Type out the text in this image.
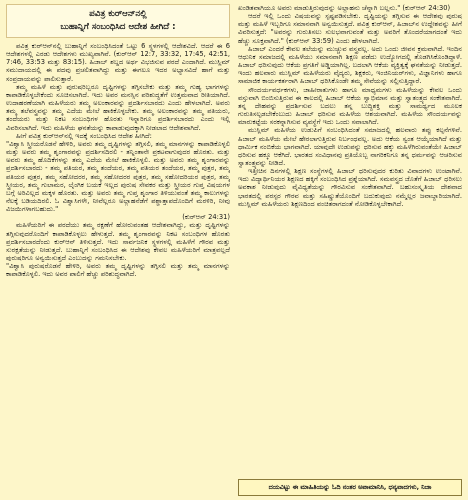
ಪವಿತ್ರ ಕುರ್‌ಆನ್‌ನಲ್ಲಿ
ಬುಹಾನ್ನಿಗೆ ಸಂಬಂಧಿಸಿದ ಆದೇಶ ಹೀಗಿದೆ :

ಪವಿತ್ರ ಕುರ್‌ಆನ್‌ನಲ್ಲಿ ಬುಹಾನ್ನಿಗೆ ಸಂಬಂಧಿಸಿದಂತೆ ಒಟ್ಟು 6 ಸ್ಥಳಗಳಲ್ಲಿ ಆದೇಶವಿದೆ. ಆದರೆ ಈ 6 ಆದೇಶಗಳಲ್ಲಿ ಎರಡು ಆದೇಶಗಳು ಮುಖ್ಯವಾಗಿವೆ. (ಕುರ್‌ಆನ್ 12:7, 33:32, 17:45, 42:51, 7:46, 33:53 ಮತ್ತು 83:15). ಹಿಜಾಬ್ ಶಬ್ದದ ಅರ್ಥ ವಿಭಜಿಸುವ ಪರದೆ ಎಂದಾಗಿದೆ. ಮುಸ್ಲಿಮ್ ಸಮುದಾಯದಲ್ಲಿ ಈ ಪದವು ಪ್ರಚಲಿತವಾಗಿದ್ದು ಮತ್ತು ಈಗಲೂ ಇದರ ಅಭ್ಯಾಸವಿದೆ ಹಾಗೆ ಮತ್ತು ಸಂಪ್ರದಾಯವನ್ನು ಪಾಲಿಸುತ್ತಾರೆ.

ತಮ್ಮ ಮಹಿಳೆ ಮತ್ತು ಪುರುಷರಿಬ್ಬರೂ ದೃಷ್ಟಿಗಳನ್ನು ತಗ್ಗಿಸಬೇಕು ಮತ್ತು ತಮ್ಮ ಗುಹ್ಯ ಭಾಗಗಳನ್ನು ಕಾಪಾಡಿಕೊಳ್ಳಬೇಕೆಂದು ಸೂಚಿಸಲಾಗಿದೆ. ಇದು ಅವರ ಮನಸ್ಸಿನ ಪರಿಶುದ್ಧತೆಗೆ ಉತ್ತಮವಾದ ರೀತಿಯಾಗಿದೆ. ಉದಾಹರಣೆಯಾಗಿ ಮಹಿಳೆಯರು ತಮ್ಮ ಅಲಂಕಾರವನ್ನು ಪ್ರದರ್ಶಿಸಬಾರದು ಎಂದು ಹೇಳಲಾಗಿದೆ. ಅವರು ತಮ್ಮ ತಲೆವಸ್ತ್ರವನ್ನು ತಮ್ಮ ಎದೆಯ ಮೇಲೆ ಹಾಕಿಕೊಳ್ಳಬೇಕು. ತಮ್ಮ ಅಲಂಕಾರವನ್ನು ತಮ್ಮ ಪತಿಯರು, ತಂದೆಯರು ಮತ್ತು ನಿಕಟ ಸಂಬಂಧಿಗಳ ಹೊರತು ಇನ್ನಾರಿಗೂ ಪ್ರದರ್ಶಿಸಬಾರದು ಎಂದು ಇಲ್ಲಿ ವಿವರಿಸಲಾಗಿದೆ. ಇದು ಮಹಿಳೆಯ ಘನತೆಯನ್ನು ಕಾಪಾಡುವುದಕ್ಕಾಗಿ ನೀಡಲಾದ ಆದೇಶವಾಗಿದೆ.

ಹೀಗೆ ಪವಿತ್ರ ಕುರ್‌ಆನ್‌ನಲ್ಲಿ ಇದಕ್ಕೆ ಸಂಬಂಧಿಸಿದ ಆದೇಶ ಹೀಗಿದೆ:

"ವಿಶ್ವಾಸಿ ಸ್ತ್ರೀಯರೊಡನೆ ಹೇಳಿರಿ, ಅವರು ತಮ್ಮ ದೃಷ್ಟಿಗಳನ್ನು ತಗ್ಗಿಸಲಿ, ತಮ್ಮ ಮಾನಗಳನ್ನು ಕಾಪಾಡಿಕೊಳ್ಳಲಿ ಮತ್ತು ಅವರು ತಮ್ಮ ಶೃಂಗಾರವನ್ನು ಪ್ರದರ್ಶಿಸದಿರಲಿ - ತನ್ನಿಂತಾನೇ ಪ್ರಕಟವಾಗುವುದರ ಹೊರತು. ಮತ್ತು ಅವರು ತಮ್ಮ ಹೊದಿಕೆಗಳನ್ನು ತಮ್ಮ ಎದೆಯ ಮೇಲೆ ಹಾಕಿಕೊಳ್ಳಲಿ. ಮತ್ತು ಅವರು ತಮ್ಮ ಶೃಂಗಾರವನ್ನು ಪ್ರದರ್ಶಿಸಬಾರದು - ತಮ್ಮ ಪತಿಯರ, ತಮ್ಮ ತಂದೆಯರ, ತಮ್ಮ ಪತಿಯರ ತಂದೆಯರ, ತಮ್ಮ ಪುತ್ರರ, ತಮ್ಮ ಪತಿಯರ ಪುತ್ರರ, ತಮ್ಮ ಸಹೋದರರ, ತಮ್ಮ ಸಹೋದರರ ಪುತ್ರರ, ತಮ್ಮ ಸಹೋದರಿಯರ ಪುತ್ರರ, ತಮ್ಮ ಸ್ತ್ರೀಯರ, ತಮ್ಮ ಗುಲಾಮರ, ಲೈಂಗಿಕ ಬಯಕೆ ಇಲ್ಲದ ಪುರುಷ ಸೇವಕರ ಮತ್ತು ಸ್ತ್ರೀಯರ ಗುಪ್ತ ವಿಷಯಗಳ ಬಗ್ಗೆ ಅರಿವಿಲ್ಲದ ಮಕ್ಕಳ ಹೊರತು. ಮತ್ತು ಅವರು ತಮ್ಮ ಗುಪ್ತ ಶೃಂಗಾರ ತಿಳಿಯುವಂತೆ ತಮ್ಮ ಕಾಲುಗಳನ್ನು ನೆಲಕ್ಕೆ ಬಡಿಯದಿರಲಿ. ಓ ವಿಶ್ವಾಸಿಗಳೇ, ನೀವೆಲ್ಲರೂ ಅಲ್ಲಾಹನೆಡೆಗೆ ಪಶ್ಚಾತ್ತಾಪದೊಂದಿಗೆ ಮರಳಿರಿ, ನೀವು ವಿಜಯಿಗಳಾಗಬಹುದು."

(ಕುರ್‌ಆನ್ 24:31)

ಮಹಿಳೆಯರಿಗೆ ಈ ಪರದೆಯು ತಮ್ಮ ರಕ್ಷಣೆಗೆ ಹೋರುವಂತಹ ಆದೇಶವಾಗಿದ್ದು, ಮತ್ತು ದೃಷ್ಟಿಗಳನ್ನು ತಗ್ಗಿಸುವುದರೊಂದಿಗೆ ಕಾಪಾಡಿಕೊಳ್ಳಲು ಹೇಳುತ್ತದೆ. ತಮ್ಮ ಶೃಂಗಾರವನ್ನು ನಿಕಟ ಸಂಬಂಧಿಗಳ ಹೊರತು ಪ್ರದರ್ಶಿಸಬಾರದೆಂದು ಕುರ್‌ಆನ್ ತಿಳಿಸುತ್ತದೆ. ಇದು ಸಾರ್ವಜನಿಕ ಸ್ಥಳಗಳಲ್ಲಿ ಮಹಿಳೆಗೆ ಗೌರವ ಮತ್ತು ಸುರಕ್ಷತೆಯನ್ನು ನೀಡುತ್ತದೆ. ಬುಹಾನ್ನಿಗೆ ಸಂಬಂಧಿಸಿದ ಈ ಆದೇಶವು ಕೇವಲ ಮಹಿಳೆಯರಿಗೆ ಮಾತ್ರವಲ್ಲದೆ ಪುರುಷರಿಗೂ ಅನ್ವಯಿಸುತ್ತದೆ ಎಂಬುದನ್ನು ಗಮನಿಸಬೇಕು.

"ವಿಶ್ವಾಸಿ ಪುರುಷರೊಡನೆ ಹೇಳಿರಿ, ಅವರು ತಮ್ಮ ದೃಷ್ಟಿಗಳನ್ನು ತಗ್ಗಿಸಲಿ ಮತ್ತು ತಮ್ಮ ಮಾನಗಳನ್ನು ಕಾಪಾಡಿಕೊಳ್ಳಲಿ. ಇದು ಅವರ ಪಾಲಿಗೆ ಹೆಚ್ಚು ಪರಿಶುದ್ಧವಾಗಿದೆ.

ಖಂಡಿತವಾಗಿಯೂ ಅವರು ಮಾಡುತ್ತಿರುವುದನ್ನು ಅಲ್ಲಾಹನು ಚೆನ್ನಾಗಿ ಬಲ್ಲನು." (ಕುರ್‌ಆನ್ 24:30)

ಆದರೆ ಇಲ್ಲಿ ಒಂದು ವಿಷಯವನ್ನು ಸ್ಪಷ್ಟಪಡಿಸಬೇಕು. ದೃಷ್ಟಿಯನ್ನು ತಗ್ಗಿಸುವ ಈ ಆದೇಶವು ಪುರುಷ ಮತ್ತು ಮಹಿಳೆ ಇಬ್ಬರಿಗೂ ಸಮಾನವಾಗಿ ಅನ್ವಯಿಸುತ್ತದೆ. ಪವಿತ್ರ ಕುರ್‌ಆನ್, ಹಿಜಾಬ್‌ನ ಉದ್ದೇಶವನ್ನು ಹೀಗೆ ವಿವರಿಸುತ್ತದೆ: "ಅವರನ್ನು ಗುರುತಿಸಲು ಸುಲಭವಾಗುವಂತೆ ಮತ್ತು ಅವರಿಗೆ ತೊಂದರೆಯಾಗದಂತೆ ಇದು ಹೆಚ್ಚು ಸೂಕ್ತವಾಗಿದೆ." (ಕುರ್‌ಆನ್ 33:59) ಎಂದು ಹೇಳಲಾಗಿದೆ.

ಹಿಜಾಬ್ ಎಂದರೆ ಕೇವಲ ತಲೆಯನ್ನು ಮುಚ್ಚುವ ವಸ್ತ್ರವಲ್ಲ. ಅದು ಒಂದು ಜೀವನ ಕ್ರಮವಾಗಿದೆ. ಇಂದಿನ ಆಧುನಿಕ ಸಮಾಜದಲ್ಲಿ ಮಹಿಳೆಯು ಸಮಾನವಾಗಿ ಶಿಕ್ಷಣ ಪಡೆದು ಉದ್ಯೋಗದಲ್ಲಿ ತೊಡಗಿಸಿಕೊಂಡಿದ್ದಾಳೆ. ಹಿಜಾಬ್ ಧರಿಸುವುದು ಆಕೆಯ ಪ್ರಗತಿಗೆ ಅಡ್ಡಿಯಾಗಿಲ್ಲ. ಬದಲಾಗಿ ಆಕೆಯ ವ್ಯಕ್ತಿತ್ವಕ್ಕೆ ಘನತೆಯನ್ನು ನೀಡುತ್ತದೆ. ಇಂದು ಹಲವಾರು ಮುಸ್ಲಿಮ್ ಮಹಿಳೆಯರು ವೈದ್ಯರು, ಶಿಕ್ಷಕರು, ಇಂಜಿನಿಯರ್‌ಗಳು, ವಿಜ್ಞಾನಿಗಳು ಹಾಗೂ ಸಾಮಾಜಿಕ ಕಾರ್ಯಕರ್ತರಾಗಿ ಹಿಜಾಬ್ ಧರಿಸಿಕೊಂಡೇ ತಮ್ಮ ಸೇವೆಯನ್ನು ಸಲ್ಲಿಸುತ್ತಿದ್ದಾರೆ.

ಸೌಂದರ್ಯವರ್ಧಕಗಳು, ಜಾಹೀರಾತುಗಳು ಹಾಗೂ ಮಾಧ್ಯಮಗಳು ಮಹಿಳೆಯನ್ನು ಕೇವಲ ಒಂದು ವಸ್ತುವಾಗಿ ಬಿಂಬಿಸುತ್ತಿರುವ ಈ ಕಾಲದಲ್ಲಿ ಹಿಜಾಬ್ ಆಕೆಯ ಸ್ವಾಭಿಮಾನ ಮತ್ತು ಸ್ವಾತಂತ್ರ್ಯದ ಸಂಕೇತವಾಗಿದೆ. ತನ್ನ ದೇಹವನ್ನು ಪ್ರದರ್ಶಿಸುವ ಬದಲು ತನ್ನ ಬುದ್ಧಿಶಕ್ತಿ ಮತ್ತು ಸಾಮರ್ಥ್ಯದ ಮೂಲಕ ಗುರುತಿಸಲ್ಪಡಬೇಕೆಂಬುದು ಹಿಜಾಬ್ ಧರಿಸುವ ಮಹಿಳೆಯ ಆಶಯವಾಗಿದೆ. ಮಹಿಳೆಯ ಸೌಂದರ್ಯವನ್ನು ಮಾರುಕಟ್ಟೆಯ ಸರಕನ್ನಾಗಿಸುವ ವ್ಯವಸ್ಥೆಗೆ ಇದು ಒಂದು ಸವಾಲಾಗಿದೆ.

ಮುಸ್ಲಿಮ್ ಮಹಿಳೆಯ ಉಡುಪಿಗೆ ಸಂಬಂಧಿಸಿದಂತೆ ಸಮಾಜದಲ್ಲಿ ಹಲವಾರು ತಪ್ಪು ಕಲ್ಪನೆಗಳಿವೆ. ಹಿಜಾಬ್ ಮಹಿಳೆಯ ಮೇಲೆ ಹೇರಲಾಗುತ್ತಿರುವ ನಿರ್ಬಂಧವಲ್ಲ. ಅದು ಆಕೆಯ ಸ್ವಂತ ಆಯ್ಕೆಯಾಗಿದೆ ಮತ್ತು ಧಾರ್ಮಿಕ ನಂಬಿಕೆಯ ಭಾಗವಾಗಿದೆ. ಯಾವುದೇ ಉಡುಪನ್ನು ಧರಿಸುವ ಹಕ್ಕು ಮಹಿಳೆಗಿರುವಂತೆಯೇ ಹಿಜಾಬ್ ಧರಿಸುವ ಹಕ್ಕೂ ಆಕೆಗಿದೆ. ಭಾರತದ ಸಂವಿಧಾನವು ಪ್ರತಿಯೊಬ್ಬ ನಾಗರಿಕನಿಗೂ ತನ್ನ ಧರ್ಮವನ್ನು ಆಚರಿಸುವ ಸ್ವಾತಂತ್ರ್ಯವನ್ನು ನೀಡಿದೆ.

ಇತ್ತೀಚಿನ ದಿನಗಳಲ್ಲಿ ಶಿಕ್ಷಣ ಸಂಸ್ಥೆಗಳಲ್ಲಿ ಹಿಜಾಬ್ ಧರಿಸುವುದರ ಕುರಿತು ವಿವಾದಗಳು ಉಂಟಾಗಿವೆ. ಇದು ವಿದ್ಯಾರ್ಥಿನಿಯರ ಶಿಕ್ಷಣದ ಹಕ್ಕಿಗೆ ಸಂಬಂಧಿಸಿದ ಪ್ರಶ್ನೆಯಾಗಿದೆ. ಸಮವಸ್ತ್ರದ ಜೊತೆಗೆ ಹಿಜಾಬ್ ಧರಿಸಲು ಅವಕಾಶ ನೀಡುವುದು ವೈವಿಧ್ಯತೆಯನ್ನು ಗೌರವಿಸುವ ಸಂಕೇತವಾಗಿದೆ. ಬಹುಸಂಸ್ಕೃತಿಯ ದೇಶವಾದ ಭಾರತದಲ್ಲಿ ಪರಸ್ಪರ ಗೌರವ ಮತ್ತು ಸಹಿಷ್ಣುತೆಯೊಂದಿಗೆ ಬದುಕುವುದು ನಮ್ಮೆಲ್ಲರ ಜವಾಬ್ದಾರಿಯಾಗಿದೆ. ಮುಸ್ಲಿಮ್ ಮಹಿಳೆಯರು ಶಿಕ್ಷಣದಿಂದ ವಂಚಿತರಾಗದಂತೆ ನೋಡಿಕೊಳ್ಳಬೇಕಾಗಿದೆ.

ದಯವಿಟ್ಟು ಈ ಮಾಹಿತಿಯನ್ನು ಓದಿ ನಂತರ ಅಪಾಮಾನಿಸಿ, ಧನ್ಯವಾದಗಳು, ನಿಜಾ
